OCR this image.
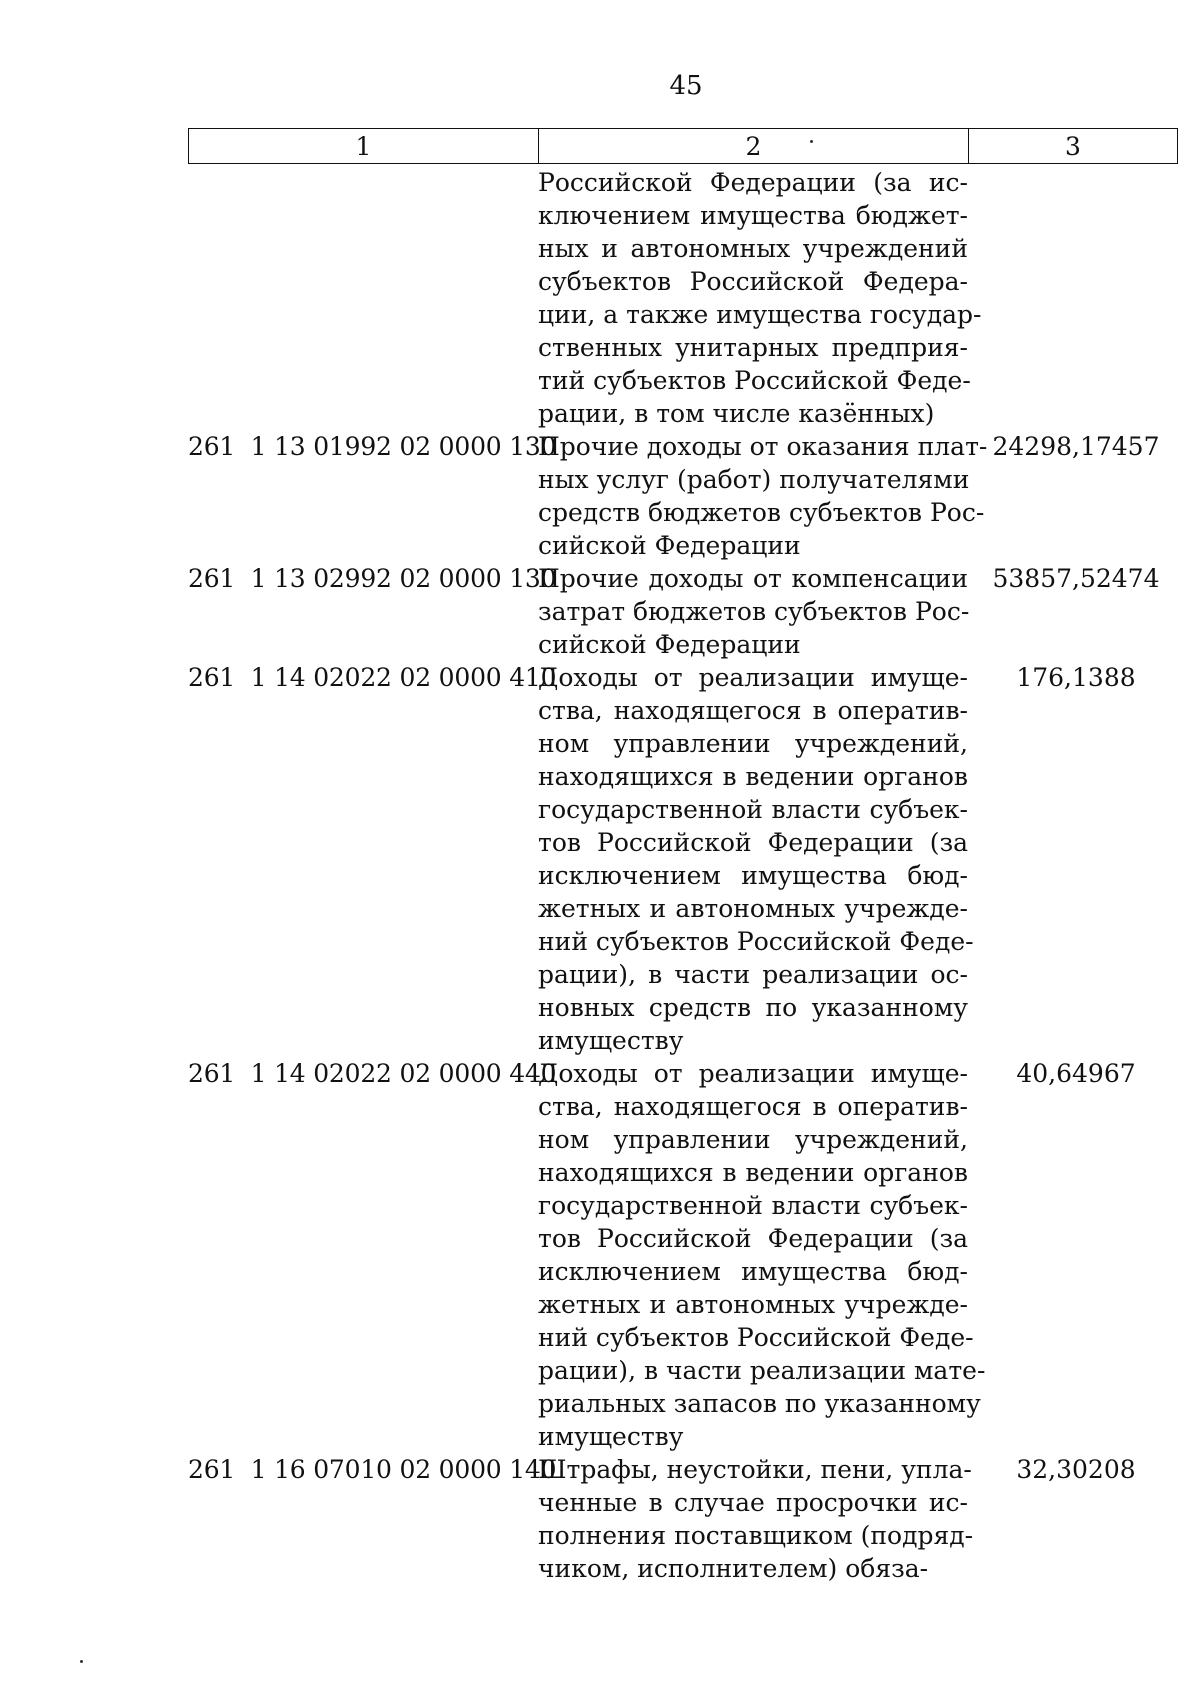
45
1	2	3
Российской Федерации (за ис-
ключением имущества бюджет-
ных и автономных учреждений
субъектов Российской Федера-
ции, а также имущества государ-
ственных унитарных предприя-
тий субъектов Российской Феде-
рации, в том числе казённых)
261  1 13 01992 02 0000 130
Прочие доходы от оказания плат-
ных услуг (работ) получателями
средств бюджетов субъектов Рос-
сийской Федерации
24298,17457
261  1 13 02992 02 0000 130
Прочие доходы от компенсации
затрат бюджетов субъектов Рос-
сийской Федерации
53857,52474
261  1 14 02022 02 0000 410
Доходы от реализации имуще-
ства, находящегося в оператив-
ном управлении учреждений,
находящихся в ведении органов
государственной власти субъек-
тов Российской Федерации (за
исключением имущества бюд-
жетных и автономных учрежде-
ний субъектов Российской Феде-
рации), в части реализации ос-
новных средств по указанному
имуществу
176,1388
261  1 14 02022 02 0000 440
Доходы от реализации имуще-
ства, находящегося в оператив-
ном управлении учреждений,
находящихся в ведении органов
государственной власти субъек-
тов Российской Федерации (за
исключением имущества бюд-
жетных и автономных учрежде-
ний субъектов Российской Феде-
рации), в части реализации мате-
риальных запасов по указанному
имуществу
40,64967
261  1 16 07010 02 0000 140
Штрафы, неустойки, пени, упла-
ченные в случае просрочки ис-
полнения поставщиком (подряд-
чиком, исполнителем) обяза-
32,30208
